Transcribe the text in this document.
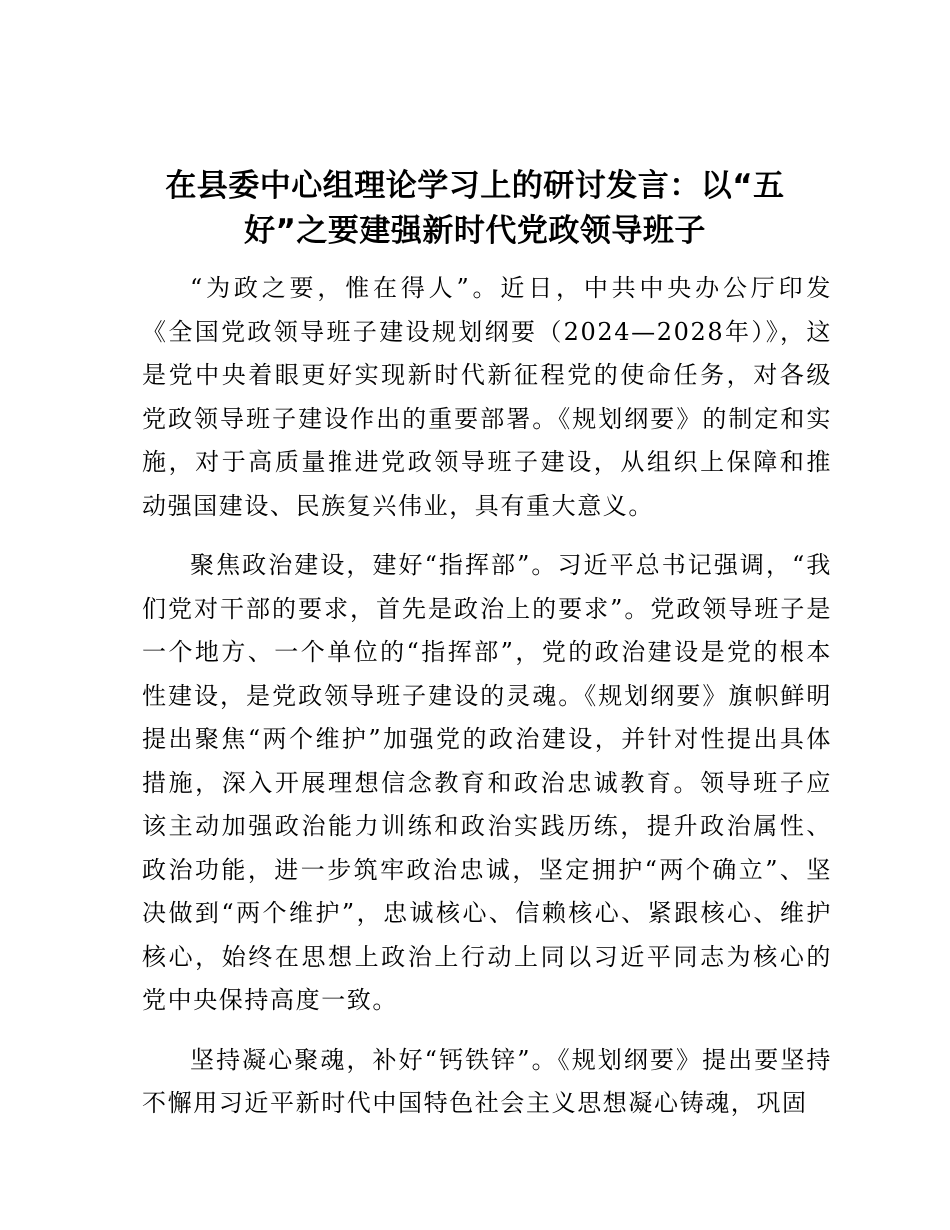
在县委中心组理论学习上的研讨发言：以“五
好”之要建强新时代党政领导班子

“为政之要，惟在得人”。近日，中共中央办公厅印发《全国党政领导班子建设规划纲要（2024—2028年）》，这是党中央着眼更好实现新时代新征程党的使命任务，对各级党政领导班子建设作出的重要部署。《规划纲要》的制定和实施，对于高质量推进党政领导班子建设，从组织上保障和推动强国建设、民族复兴伟业，具有重大意义。

聚焦政治建设，建好“指挥部”。习近平总书记强调，“我们党对干部的要求，首先是政治上的要求”。党政领导班子是一个地方、一个单位的“指挥部”，党的政治建设是党的根本性建设，是党政领导班子建设的灵魂。《规划纲要》旗帜鲜明提出聚焦“两个维护”加强党的政治建设，并针对性提出具体措施，深入开展理想信念教育和政治忠诚教育。领导班子应该主动加强政治能力训练和政治实践历练，提升政治属性、政治功能，进一步筑牢政治忠诚，坚定拥护“两个确立”、坚决做到“两个维护”，忠诚核心、信赖核心、紧跟核心、维护核心，始终在思想上政治上行动上同以习近平同志为核心的党中央保持高度一致。

坚持凝心聚魂，补好“钙铁锌”。《规划纲要》提出要坚持不懈用习近平新时代中国特色社会主义思想凝心铸魂，巩固
